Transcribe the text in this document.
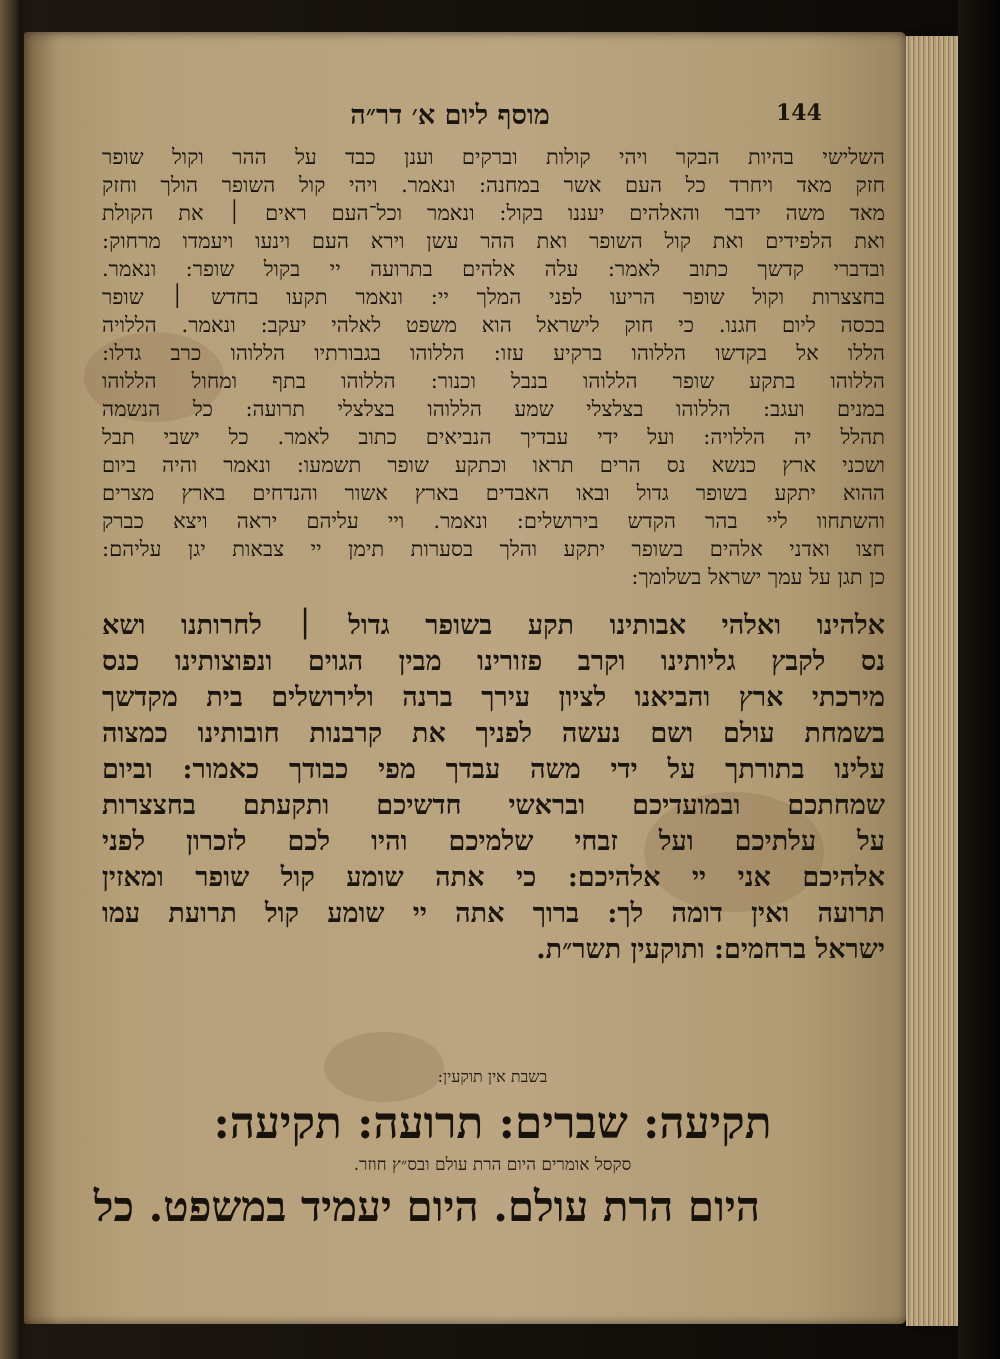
144
מוסף ליום א׳ דר״ה

השלישי בהיות הבקר ויהי קולות וברקים וענן כבד על ההר וקול שופר

חזק מאד ויחרד כל העם אשר במחנה: ונאמר. ויהי קול השופר הולך וחזק

מאד משה ידבר והאלהים יעננו בקול: ונאמר וכל־העם ראים ׀ את הקולת

ואת הלפידים ואת קול השופר ואת ההר עשן וירא העם וינעו ויעמדו מרחוק:

ובדברי קדשך כתוב לאמר: עלה אלהים בתרועה יי בקול שופר: ונאמר.

בחצצרות וקול שופר הריעו לפני המלך יי: ונאמר תקעו בחדש ׀ שופר

בכסה ליום חגנו. כי חוק לישראל הוא משפט לאלהי יעקב: ונאמר. הללויה

הללו אל בקדשו הללוהו ברקיע עזו: הללוהו בגבורתיו הללוהו כרב גדלו:

הללוהו בתקע שופר הללוהו בנבל וכנור: הללוהו בתף ומחול הללוהו

במנים ועגב: הללוהו בצלצלי שמע הללוהו בצלצלי תרועה: כל הנשמה

תהלל יה הללויה: ועל ידי עבדיך הנביאים כתוב לאמר. כל ישבי תבל

ושכני ארץ כנשא נס הרים תראו וכתקע שופר תשמעו: ונאמר והיה ביום

ההוא יתקע בשופר גדול ובאו האבדים בארץ אשור והנדחים בארץ מצרים

והשתחוו ליי בהר הקדש בירושלים: ונאמר. ויי עליהם יראה ויצא כברק

חצו ואדני אלהים בשופר יתקע והלך בסערות תימן יי צבאות יגן עליהם:

כן תגן על עמך ישראל בשלומך:

אלהינו ואלהי אבותינו תקע בשופר גדול ׀ לחרותנו ושא

נס לקבץ גליותינו וקרב פזורינו מבין הגוים ונפוצותינו כנס

מירכתי ארץ והביאנו לציון עירך ברנה ולירושלים בית מקדשך

בשמחת עולם ושם נעשה לפניך את קרבנות חובותינו כמצוה

עלינו בתורתך על ידי משה עבדך מפי כבודך כאמור: וביום

שמחתכם ובמועדיכם ובראשי חדשיכם ותקעתם בחצצרות

על עלתיכם ועל זבחי שלמיכם והיו לכם לזכרון לפני

אלהיכם אני יי אלהיכם: כי אתה שומע קול שופר ומאזין

תרועה ואין דומה לך: ברוך אתה יי שומע קול תרועת עמו

ישראל ברחמים: ותוקעין תשר״ת.

בשבת אין תוקעין:
תקיעה: שברים: תרועה: תקיעה:
סקסל אומרים היום הרת עולם ובס״ץ חוזר.
היום הרת עולם. היום יעמיד במשפט. כל
